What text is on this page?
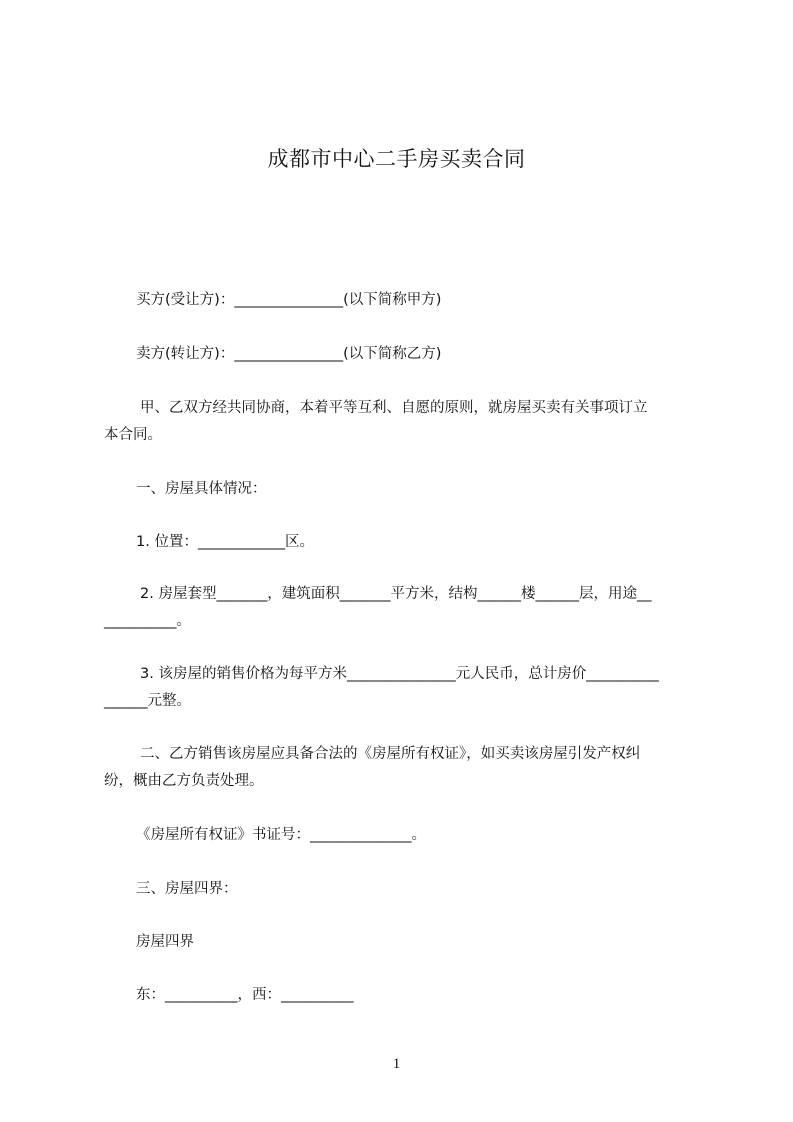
成都市中心二手房买卖合同
买方(受让方)：_______________(以下简称甲方)
卖方(转让方)：_______________(以下简称乙方)
甲、乙双方经共同协商，本着平等互利、自愿的原则，就房屋买卖有关事项订立
本合同。
一、房屋具体情况：
1. 位置：____________区。
2. 房屋套型_______，建筑面积_______平方米，结构______楼______层，用途__
__________。
3. 该房屋的销售价格为每平方米_______________元人民币，总计房价__________
______元整。
二、乙方销售该房屋应具备合法的《房屋所有权证》，如买卖该房屋引发产权纠
纷，概由乙方负责处理。
《房屋所有权证》书证号：______________。
三、房屋四界：
房屋四界
东：__________，西：__________
1
